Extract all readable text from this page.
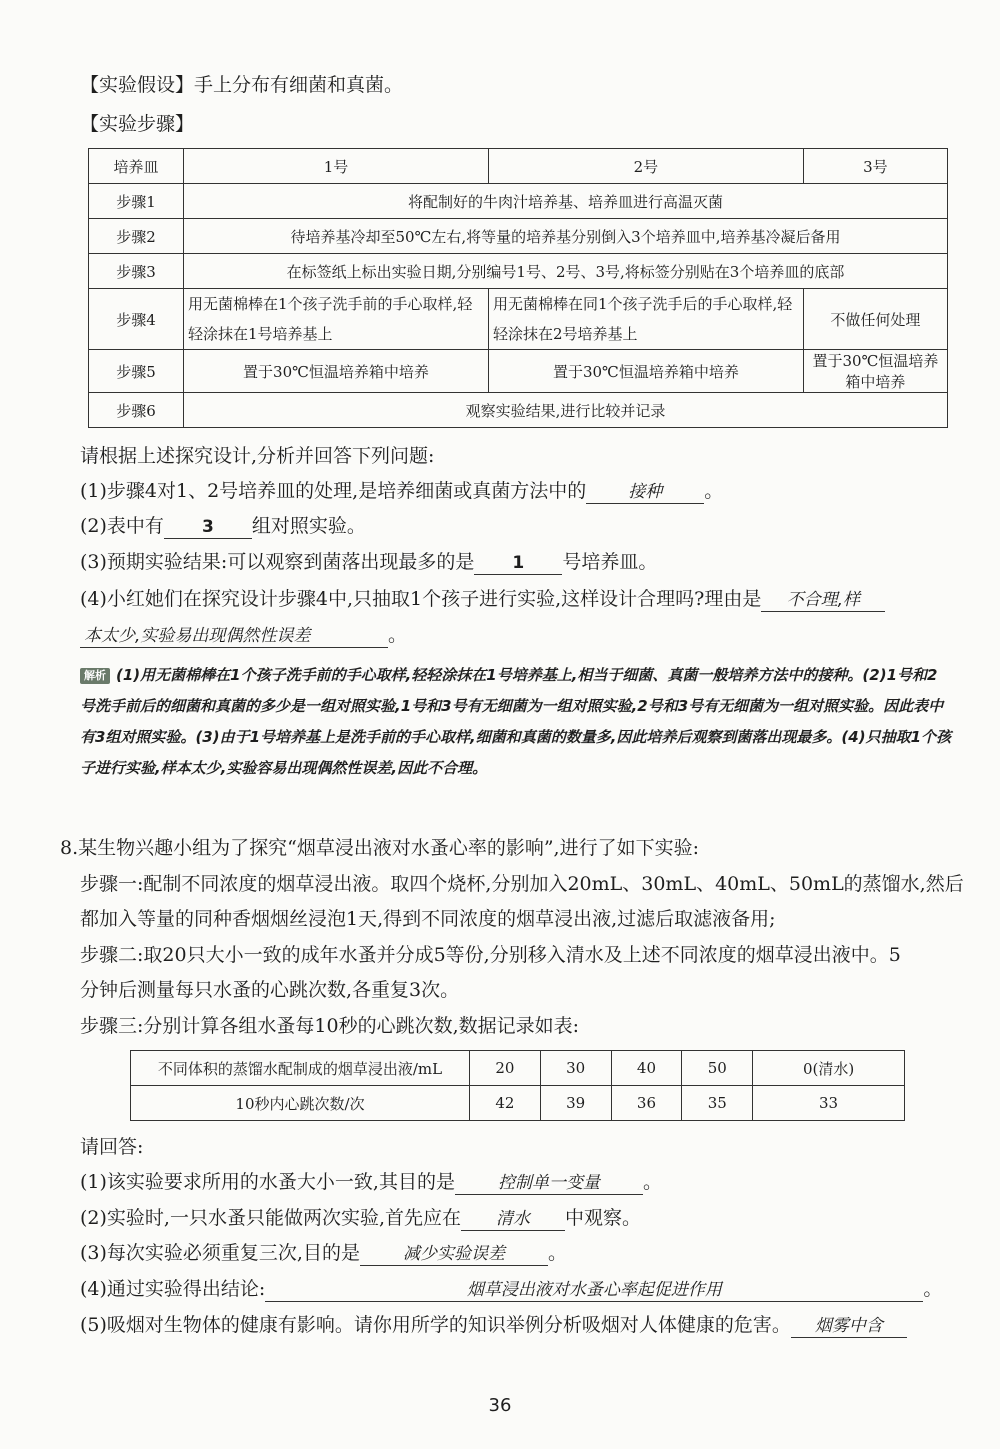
【实验假设】手上分布有细菌和真菌。
【实验步骤】
培养皿	1号	2号	3号
步骤1	将配制好的牛肉汁培养基、培养皿进行高温灭菌		
步骤2	待培养基冷却至50℃左右,将等量的培养基分别倒入3个培养皿中,培养基冷凝后备用		
步骤3	在标签纸上标出实验日期,分别编号1号、2号、3号,将标签分别贴在3个培养皿的底部		
步骤4	用无菌棉棒在1个孩子洗手前的手心取样,轻轻涂抹在1号培养基上	用无菌棉棒在同1个孩子洗手后的手心取样,轻轻涂抹在2号培养基上	不做任何处理
步骤5	置于30℃恒温培养箱中培养	置于30℃恒温培养箱中培养	置于30℃恒温培养箱中培养
步骤6	观察实验结果,进行比较并记录		
请根据上述探究设计,分析并回答下列问题:
(1)步骤4对1、2号培养皿的处理,是培养细菌或真菌方法中的 接种 。
(2)表中有 3 组对照实验。
(3)预期实验结果:可以观察到菌落出现最多的是 1 号培养皿。
(4)小红她们在探究设计步骤4中,只抽取1个孩子进行实验,这样设计合理吗?理由是 不合理,样
本太少,实验易出现偶然性误差	。
解析 (1)用无菌棉棒在1个孩子洗手前的手心取样,轻轻涂抹在1号培养基上,相当于细菌、真菌一般培养方法中的接种。(2)1号和2号洗手前后的细菌和真菌的多少是一组对照实验,1号和3号有无细菌为一组对照实验,2号和3号有无细菌为一组对照实验。因此表中有3组对照实验。(3)由于1号培养基上是洗手前的手心取样,细菌和真菌的数量多,因此培养后观察到菌落出现最多。(4)只抽取1个孩子进行实验,样本太少,实验容易出现偶然性误差,因此不合理。
8.某生物兴趣小组为了探究“烟草浸出液对水蚤心率的影响”,进行了如下实验:
步骤一:配制不同浓度的烟草浸出液。取四个烧杯,分别加入20mL、30mL、40mL、50mL的蒸馏水,然后
都加入等量的同种香烟烟丝浸泡1天,得到不同浓度的烟草浸出液,过滤后取滤液备用;
步骤二:取20只大小一致的成年水蚤并分成5等份,分别移入清水及上述不同浓度的烟草浸出液中。5
分钟后测量每只水蚤的心跳次数,各重复3次。
步骤三:分别计算各组水蚤每10秒的心跳次数,数据记录如表:
不同体积的蒸馏水配制成的烟草浸出液/mL	20	30	40	50	0(清水)
10秒内心跳次数/次	42	39	36	35	33
请回答:
(1)该实验要求所用的水蚤大小一致,其目的是	控制单一变量 。
(2)实验时,一只水蚤只能做两次实验,首先应在 清水 中观察。
(3)每次实验必须重复三次,目的是	减少实验误差 。
(4)通过实验得出结论:	烟草浸出液对水蚤心率起促进作用	。
(5)吸烟对生物体的健康有影响。请你用所学的知识举例分析吸烟对人体健康的危害。 烟雾中含
36
